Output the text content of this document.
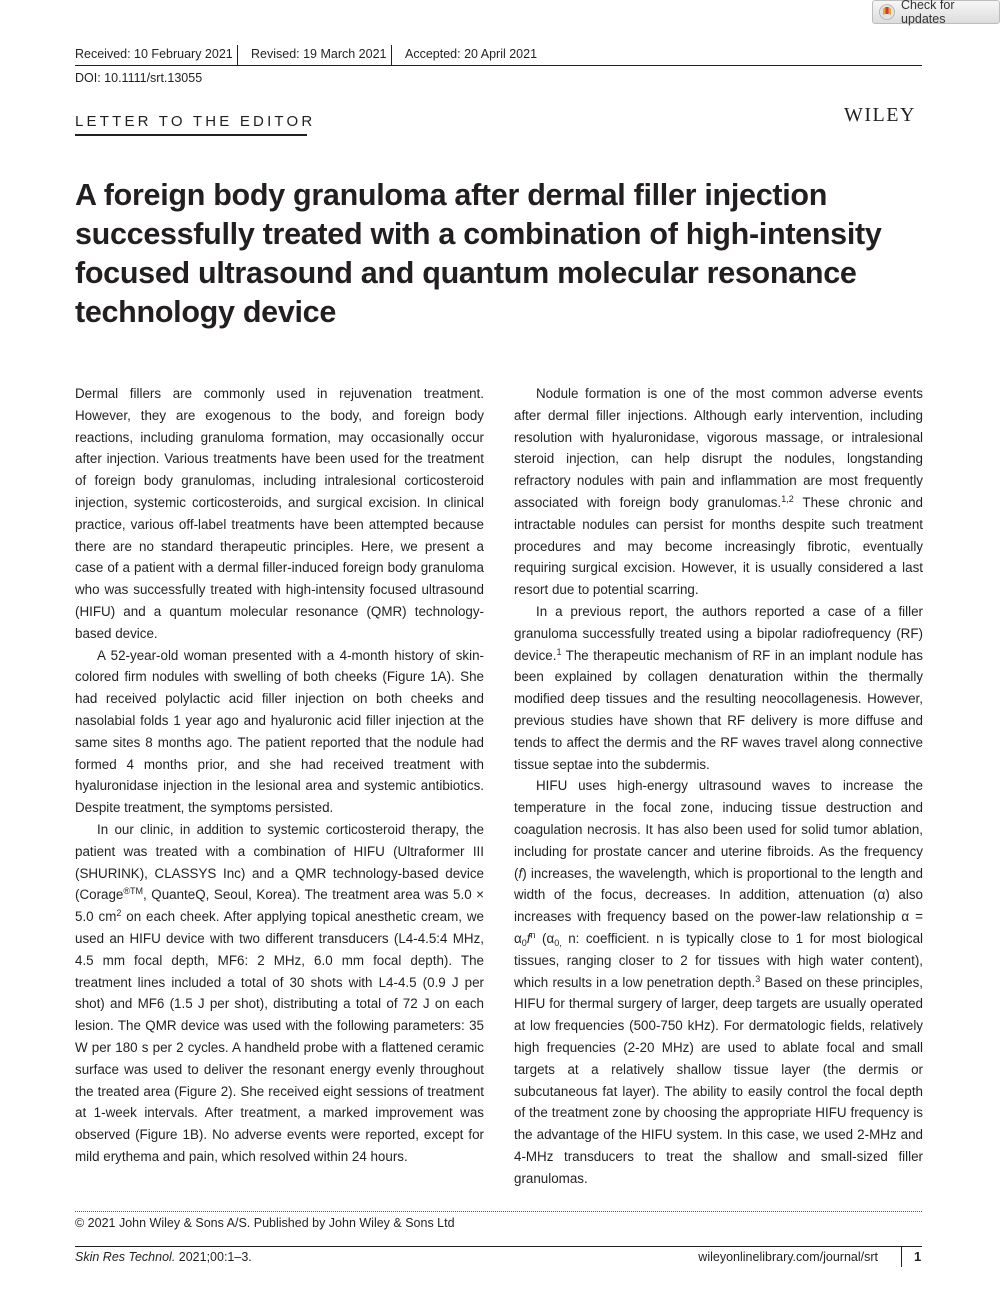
Check for updates
Received: 10 February 2021 Revised: 19 March 2021 Accepted: 20 April 2021
DOI: 10.1111/srt.13055
LETTER TO THE EDITOR	WILEY
A foreign body granuloma after dermal filler injection
successfully treated with a combination of high-intensity
focused ultrasound and quantum molecular resonance
technology device

Dermal fillers are commonly used in rejuvenation treatment. However, they are exogenous to the body, and foreign body reactions, including granuloma formation, may occasionally occur after injection. Various treatments have been used for the treatment of foreign body granulomas, including intralesional corticosteroid injection, systemic corticosteroids, and surgical excision. In clinical practice, various off-label treatments have been attempted because there are no standard therapeutic principles. Here, we present a case of a patient with a dermal filler-induced foreign body granuloma who was successfully treated with high-intensity focused ultrasound (HIFU) and a quantum molecular resonance (QMR) technology-based device.

A 52-year-old woman presented with a 4-month history of skin-colored firm nodules with swelling of both cheeks (Figure 1A). She had received polylactic acid filler injection on both cheeks and nasolabial folds 1 year ago and hyaluronic acid filler injection at the same sites 8 months ago. The patient reported that the nodule had formed 4 months prior, and she had received treatment with hyaluronidase injection in the lesional area and systemic antibiotics. Despite treatment, the symptoms persisted.

In our clinic, in addition to systemic corticosteroid therapy, the patient was treated with a combination of HIFU (Ultraformer III (SHURINK), CLASSYS Inc) and a QMR technology-based device (Corage$^{®TM}$, QuanteQ, Seoul, Korea). The treatment area was 5.0 × 5.0 $cm^2$ on each cheek. After applying topical anesthetic cream, we used an HIFU device with two different transducers (L4-4.5:4 MHz, 4.5 mm focal depth, MF6: 2 MHz, 6.0 mm focal depth). The treatment lines included a total of 30 shots with L4-4.5 (0.9 J per shot) and MF6 (1.5 J per shot), distributing a total of 72 J on each lesion. The QMR device was used with the following parameters: 35 W per 180 s per 2 cycles. A handheld probe with a flattened ceramic surface was used to deliver the resonant energy evenly throughout the treated area (Figure 2). She received eight sessions of treatment at 1-week intervals. After treatment, a marked improvement was observed (Figure 1B). No adverse events were reported, except for mild erythema and pain, which resolved within 24 hours.

Nodule formation is one of the most common adverse events after dermal filler injections. Although early intervention, including resolution with hyaluronidase, vigorous massage, or intralesional steroid injection, can help disrupt the nodules, longstanding refractory nodules with pain and inflammation are most frequently associated with foreign body granulomas.$^{1,2}$ These chronic and intractable nodules can persist for months despite such treatment procedures and may become increasingly fibrotic, eventually requiring surgical excision. However, it is usually considered a last resort due to potential scarring.

In a previous report, the authors reported a case of a filler granuloma successfully treated using a bipolar radiofrequency (RF) device.$^1$ The therapeutic mechanism of RF in an implant nodule has been explained by collagen denaturation within the thermally modified deep tissues and the resulting neocollagenesis. However, previous studies have shown that RF delivery is more diffuse and tends to affect the dermis and the RF waves travel along connective tissue septae into the subdermis.

HIFU uses high-energy ultrasound waves to increase the temperature in the focal zone, inducing tissue destruction and coagulation necrosis. It has also been used for solid tumor ablation, including for prostate cancer and uterine fibroids. As the frequency (f) increases, the wavelength, which is proportional to the length and width of the focus, decreases. In addition, attenuation (α) also increases with frequency based on the power-law relationship $\alpha = \alpha_0f^n$ ($\alpha_{0,}$ n: coefficient. n is typically close to 1 for most biological tissues, ranging closer to 2 for tissues with high water content), which results in a low penetration depth.$^3$ Based on these principles, HIFU for thermal surgery of larger, deep targets are usually operated at low frequencies (500-750 kHz). For dermatologic fields, relatively high frequencies (2-20 MHz) are used to ablate focal and small targets at a relatively shallow tissue layer (the dermis or subcutaneous fat layer). The ability to easily control the focal depth of the treatment zone by choosing the appropriate HIFU frequency is the advantage of the HIFU system. In this case, we used 2-MHz and 4-MHz transducers to treat the shallow and small-sized filler granulomas.

© 2021 John Wiley & Sons A/S. Published by John Wiley & Sons Ltd
Skin Res Technol. 2021;00:1–3.	wileyonlinelibrary.com/journal/srt	1
